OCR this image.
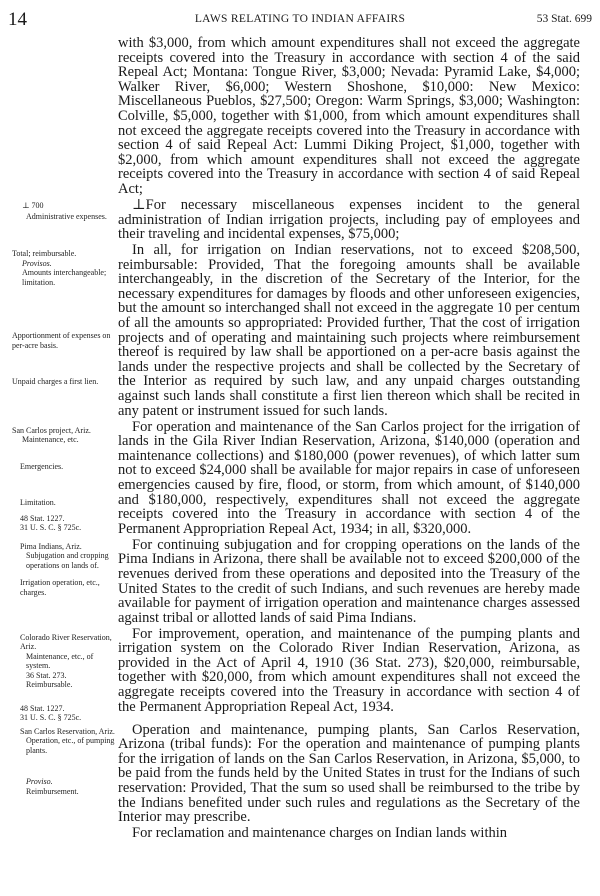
14	LAWS RELATING TO INDIAN AFFAIRS	53 Stat. 699

with $3,000, from which amount expenditures shall not exceed the aggregate receipts covered into the Treasury in accordance with section 4 of the said Repeal Act; Montana: Tongue River, $3,000; Nevada: Pyramid Lake, $4,000; Walker River, $6,000; Western Shoshone, $10,000: New Mexico: Miscellaneous Pueblos, $27,500; Oregon: Warm Springs, $3,000; Washington: Colville, $5,000, together with $1,000, from which amount expenditures shall not exceed the aggregate receipts covered into the Treasury in accordance with section 4 of said Repeal Act: Lummi Diking Project, $1,000, together with $2,000, from which amount expenditures shall not exceed the aggregate receipts covered into the Treasury in accordance with section 4 of said Repeal Act;

⊥ 700
Administrative expenses.

⊥For necessary miscellaneous expenses incident to the general administration of Indian irrigation projects, including pay of employees and their traveling and incidental expenses, $75,000;

Total; reimbursable.
Provisos.
Amounts interchangeable; limitation.
Apportionment of expenses on per-acre basis.
Unpaid charges a first lien.

In all, for irrigation on Indian reservations, not to exceed $208,500, reimbursable: Provided, That the foregoing amounts shall be available interchangeably, in the discretion of the Secretary of the Interior, for the necessary expenditures for damages by floods and other unforeseen exigencies, but the amount so interchanged shall not exceed in the aggregate 10 per centum of all the amounts so appropriated: Provided further, That the cost of irrigation projects and of operating and maintaining such projects where reimbursement thereof is required by law shall be apportioned on a per-acre basis against the lands under the respective projects and shall be collected by the Secretary of the Interior as required by such law, and any unpaid charges outstanding against such lands shall constitute a first lien thereon which shall be recited in any patent or instrument issued for such lands.

San Carlos project, Ariz.
Maintenance, etc.
Emergencies.
Limitation.
48 Stat. 1227.
31 U. S. C. § 725c.

For operation and maintenance of the San Carlos project for the irrigation of lands in the Gila River Indian Reservation, Arizona, $140,000 (operation and maintenance collections) and $180,000 (power revenues), of which latter sum not to exceed $24,000 shall be available for major repairs in case of unforeseen emergencies caused by fire, flood, or storm, from which amount, of $140,000 and $180,000, respectively, expenditures shall not exceed the aggregate receipts covered into the Treasury in accordance with section 4 of the Permanent Appropriation Repeal Act, 1934; in all, $320,000.

Pima Indians, Ariz.
Subjugation and cropping operations on lands of.
Irrigation operation, etc., charges.

For continuing subjugation and for cropping operations on the lands of the Pima Indians in Arizona, there shall be available not to exceed $200,000 of the revenues derived from these operations and deposited into the Treasury of the United States to the credit of such Indians, and such revenues are hereby made available for payment of irrigation operation and maintenance charges assessed against tribal or allotted lands of said Pima Indians.

Colorado River Reservation, Ariz.
Maintenance, etc., of system.
36 Stat. 273.
Reimbursable.
48 Stat. 1227.
31 U. S. C. § 725c.

For improvement, operation, and maintenance of the pumping plants and irrigation system on the Colorado River Indian Reservation, Arizona, as provided in the Act of April 4, 1910 (36 Stat. 273), $20,000, reimbursable, together with $20,000, from which amount expenditures shall not exceed the aggregate receipts covered into the Treasury in accordance with section 4 of the Permanent Appropriation Repeal Act, 1934.

San Carlos Reservation, Ariz.
Operation, etc., of pumping plants.
Proviso.
Reimbursement.

Operation and maintenance, pumping plants, San Carlos Reservation, Arizona (tribal funds): For the operation and maintenance of pumping plants for the irrigation of lands on the San Carlos Reservation, in Arizona, $5,000, to be paid from the funds held by the United States in trust for the Indians of such reservation: Provided, That the sum so used shall be reimbursed to the tribe by the Indians benefited under such rules and regulations as the Secretary of the Interior may prescribe.

For reclamation and maintenance charges on Indian lands within
